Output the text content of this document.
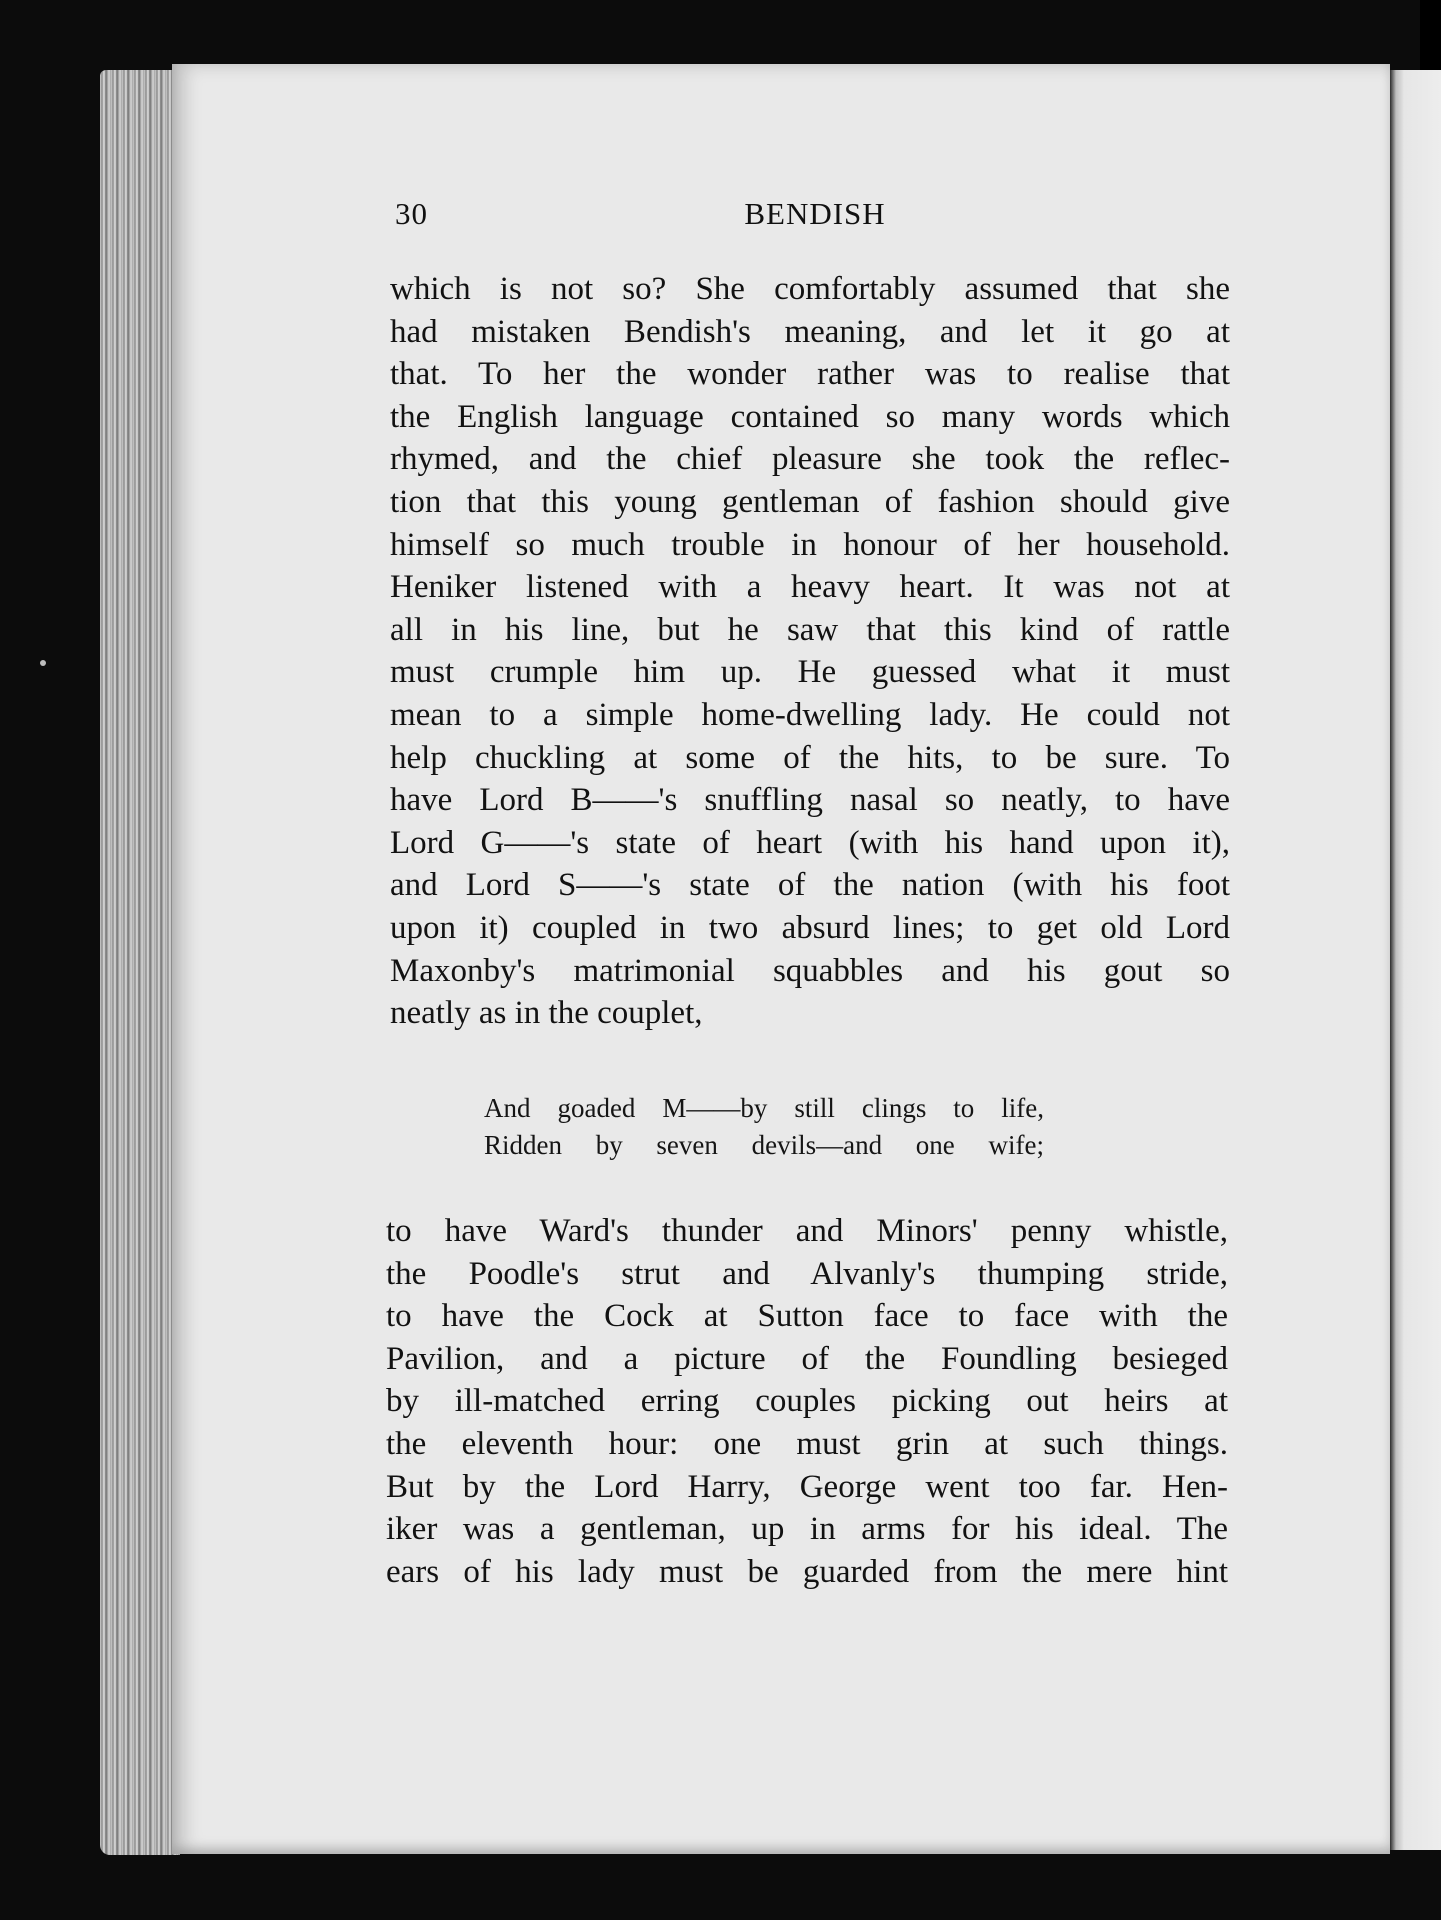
30	BENDISH
which is not so? She comfortably assumed that she
had mistaken Bendish's meaning, and let it go at
that. To her the wonder rather was to realise that
the English language contained so many words which
rhymed, and the chief pleasure she took the reflec-
tion that this young gentleman of fashion should give
himself so much trouble in honour of her household.
Heniker listened with a heavy heart. It was not at
all in his line, but he saw that this kind of rattle
must crumple him up. He guessed what it must
mean to a simple home-dwelling lady. He could not
help chuckling at some of the hits, to be sure. To
have Lord B——'s snuffling nasal so neatly, to have
Lord G——'s state of heart (with his hand upon it),
and Lord S——'s state of the nation (with his foot
upon it) coupled in two absurd lines; to get old Lord
Maxonby's matrimonial squabbles and his gout so
neatly as in the couplet,
And goaded M——by still clings to life,
Ridden by seven devils—and one wife;
to have Ward's thunder and Minors' penny whistle,
the Poodle's strut and Alvanly's thumping stride,
to have the Cock at Sutton face to face with the
Pavilion, and a picture of the Foundling besieged
by ill-matched erring couples picking out heirs at
the eleventh hour: one must grin at such things.
But by the Lord Harry, George went too far. Hen-
iker was a gentleman, up in arms for his ideal. The
ears of his lady must be guarded from the mere hint
